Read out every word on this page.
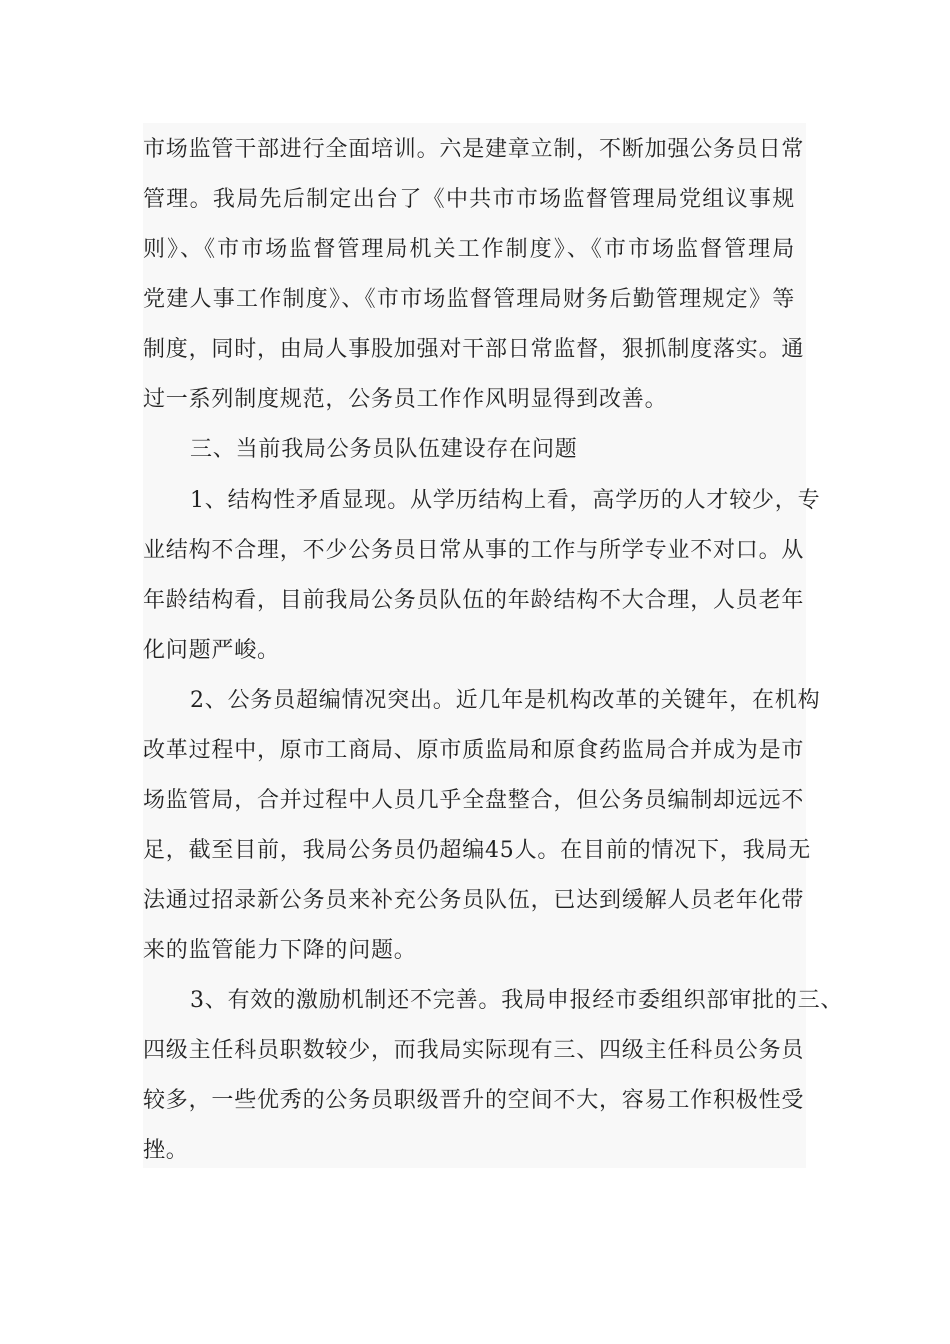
市场监管干部进行全面培训。六是建章立制，不断加强公务员日常
管理。我局先后制定出台了《中共市市场监督管理局党组议事规
则》、《市市场监督管理局机关工作制度》、《市市场监督管理局
党建人事工作制度》、《市市场监督管理局财务后勤管理规定》等
制度，同时，由局人事股加强对干部日常监督，狠抓制度落实。通
过一系列制度规范，公务员工作作风明显得到改善。
三、当前我局公务员队伍建设存在问题
1、结构性矛盾显现。从学历结构上看，高学历的人才较少，专
业结构不合理，不少公务员日常从事的工作与所学专业不对口。从
年龄结构看，目前我局公务员队伍的年龄结构不大合理，人员老年
化问题严峻。
2、公务员超编情况突出。近几年是机构改革的关键年，在机构
改革过程中，原市工商局、原市质监局和原食药监局合并成为是市
场监管局，合并过程中人员几乎全盘整合，但公务员编制却远远不
足，截至目前，我局公务员仍超编45人。在目前的情况下，我局无
法通过招录新公务员来补充公务员队伍，已达到缓解人员老年化带
来的监管能力下降的问题。
3、有效的激励机制还不完善。我局申报经市委组织部审批的三、
四级主任科员职数较少，而我局实际现有三、四级主任科员公务员
较多，一些优秀的公务员职级晋升的空间不大，容易工作积极性受
挫。
